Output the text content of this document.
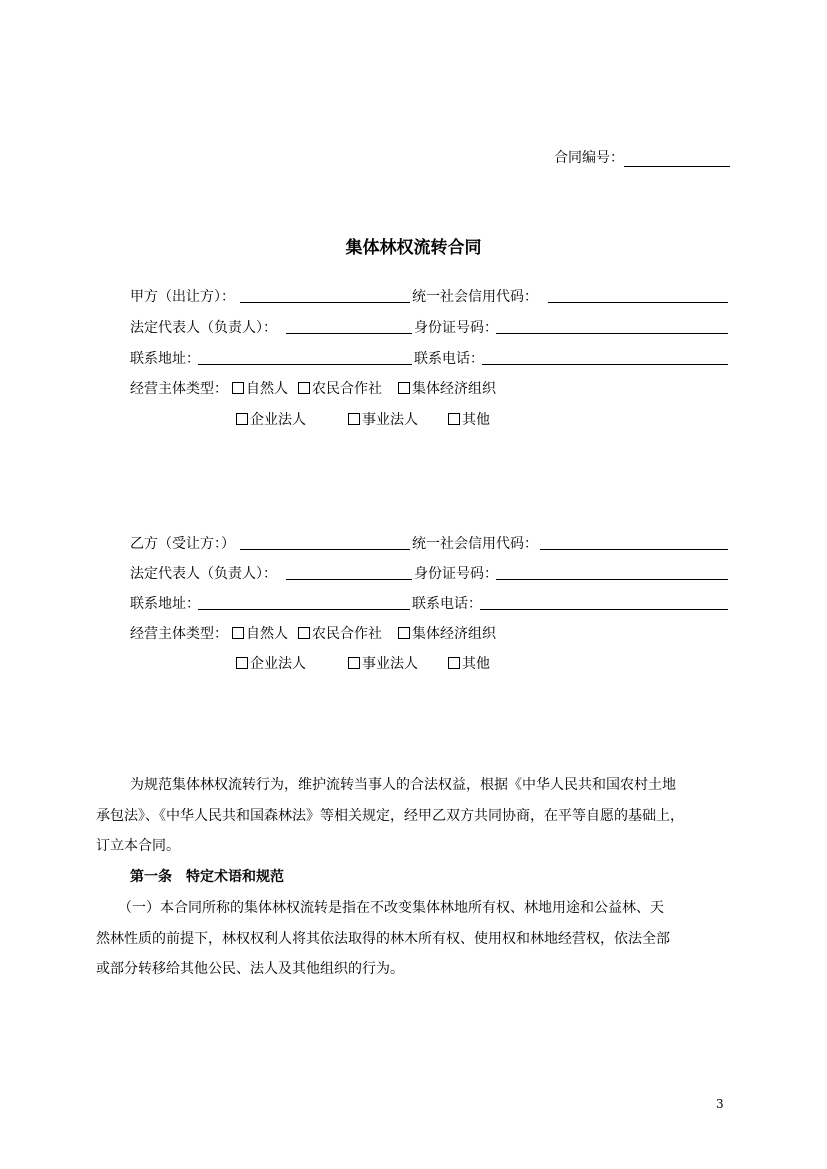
合同编号：
集体林权流转合同
甲方（出让方）：	统一社会信用代码：
法定代表人（负责人）：	身份证号码：
联系地址：	联系电话：
经营主体类型：	自然人	农民合作社	集体经济组织
企业法人	事业法人	其他
乙方（受让方：）	统一社会信用代码：
法定代表人（负责人）：	身份证号码：
联系地址：	联系电话：
经营主体类型：	自然人	农民合作社	集体经济组织
企业法人	事业法人	其他
为规范集体林权流转行为，维护流转当事人的合法权益，根据《中华人民共和国农村土地
承包法》、《中华人民共和国森林法》等相关规定，经甲乙双方共同协商，在平等自愿的基础上，
订立本合同。
第一条　特定术语和规范
（一）本合同所称的集体林权流转是指在不改变集体林地所有权、林地用途和公益林、天
然林性质的前提下，林权权利人将其依法取得的林木所有权、使用权和林地经营权，依法全部
或部分转移给其他公民、法人及其他组织的行为。
3
